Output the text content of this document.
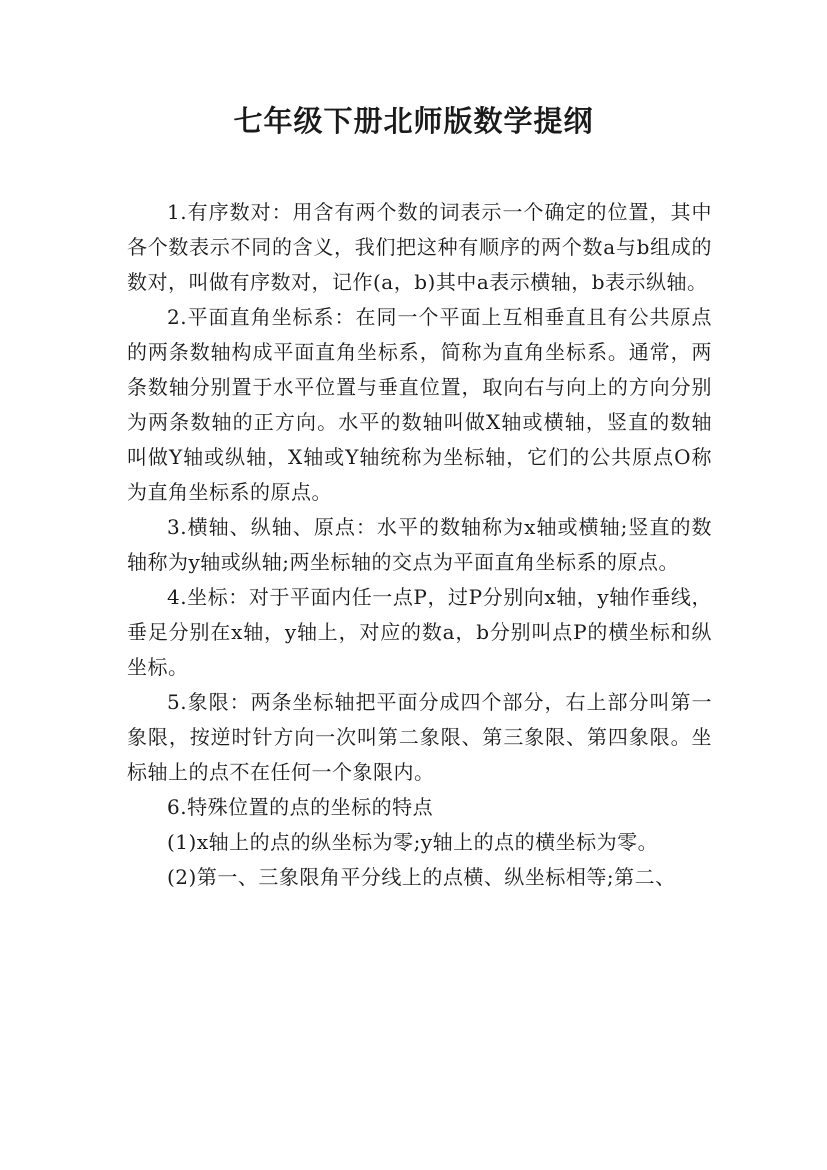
七年级下册北师版数学提纲

1.有序数对：用含有两个数的词表示一个确定的位置，其中各个数表示不同的含义，我们把这种有顺序的两个数a与b组成的数对，叫做有序数对，记作(a，b)其中a表示横轴，b表示纵轴。

2.平面直角坐标系：在同一个平面上互相垂直且有公共原点的两条数轴构成平面直角坐标系，简称为直角坐标系。通常，两条数轴分别置于水平位置与垂直位置，取向右与向上的方向分别为两条数轴的正方向。水平的数轴叫做X轴或横轴，竖直的数轴叫做Y轴或纵轴，X轴或Y轴统称为坐标轴，它们的公共原点O称为直角坐标系的原点。

3.横轴、纵轴、原点：水平的数轴称为x轴或横轴;竖直的数轴称为y轴或纵轴;两坐标轴的交点为平面直角坐标系的原点。

4.坐标：对于平面内任一点P，过P分别向x轴，y轴作垂线，垂足分别在x轴，y轴上，对应的数a，b分别叫点P的横坐标和纵坐标。

5.象限：两条坐标轴把平面分成四个部分，右上部分叫第一象限，按逆时针方向一次叫第二象限、第三象限、第四象限。坐标轴上的点不在任何一个象限内。

6.特殊位置的点的坐标的特点

(1)x轴上的点的纵坐标为零;y轴上的点的横坐标为零。

(2)第一、三象限角平分线上的点横、纵坐标相等;第二、
